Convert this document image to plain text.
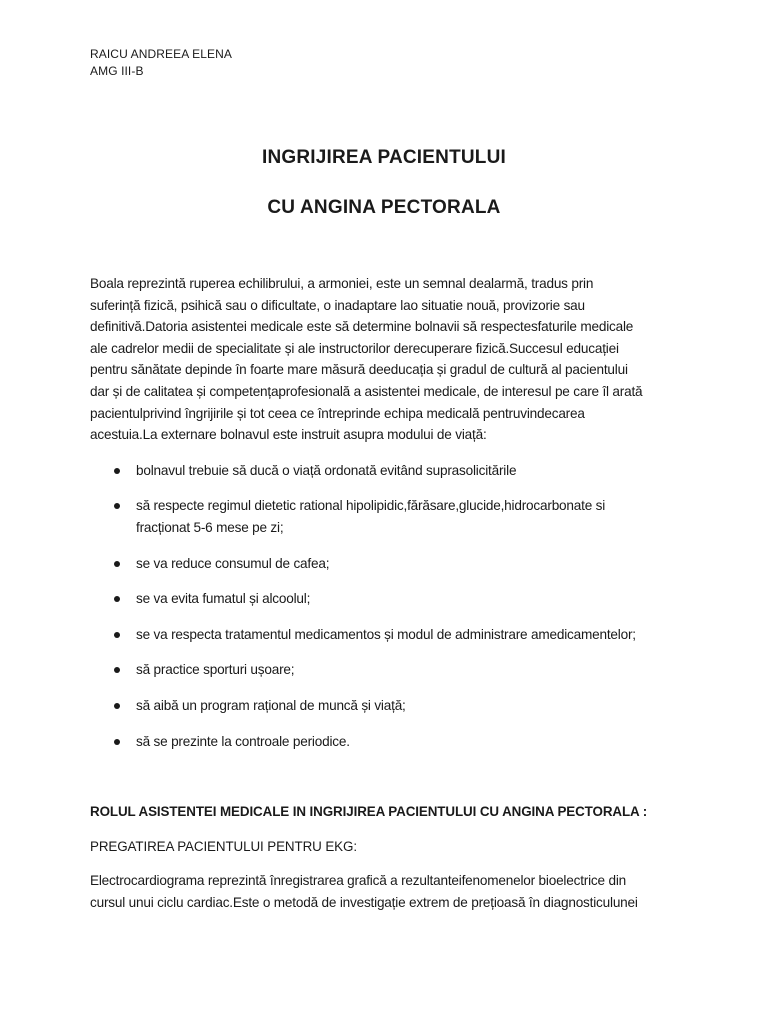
RAICU ANDREEA ELENA
AMG III-B
INGRIJIREA PACIENTULUI
CU ANGINA PECTORALA
Boala reprezintă ruperea echilibrului, a armoniei, este un semnal dealarmă, tradus prin
suferință fizică, psihică sau o dificultate, o inadaptare lao situatie nouă, provizorie sau
definitivă.Datoria asistentei medicale este să determine bolnavii să respectesfaturile medicale
ale cadrelor medii de specialitate și ale instructorilor derecuperare fizică.Succesul educației
pentru sănătate depinde în foarte mare măsură deeducația și gradul de cultură al pacientului
dar și de calitatea și competențaprofesională a asistentei medicale, de interesul pe care îl arată
pacientulprivind îngrijirile și tot ceea ce întreprinde echipa medicală pentruvindecarea
acestuia.La externare bolnavul este instruit asupra modului de viață:
bolnavul trebuie să ducă o viață ordonată evitând suprasolicitările
să respecte regimul dietetic rational hipolipidic,fărăsare,glucide,hidrocarbonate si
fracționat 5-6 mese pe zi;
se va reduce consumul de cafea;
se va evita fumatul și alcoolul;
se va respecta tratamentul medicamentos și modul de administrare amedicamentelor;
să practice sporturi ușoare;
să aibă un program rațional de muncă și viață;
să se prezinte la controale periodice.
ROLUL ASISTENTEI MEDICALE IN INGRIJIREA PACIENTULUI CU ANGINA PECTORALA :
PREGATIREA PACIENTULUI PENTRU EKG:
Electrocardiograma reprezintă înregistrarea grafică a rezultanteifenomenelor bioelectrice din
cursul unui ciclu cardiac.Este o metodă de investigație extrem de prețioasă în diagnosticulunei
